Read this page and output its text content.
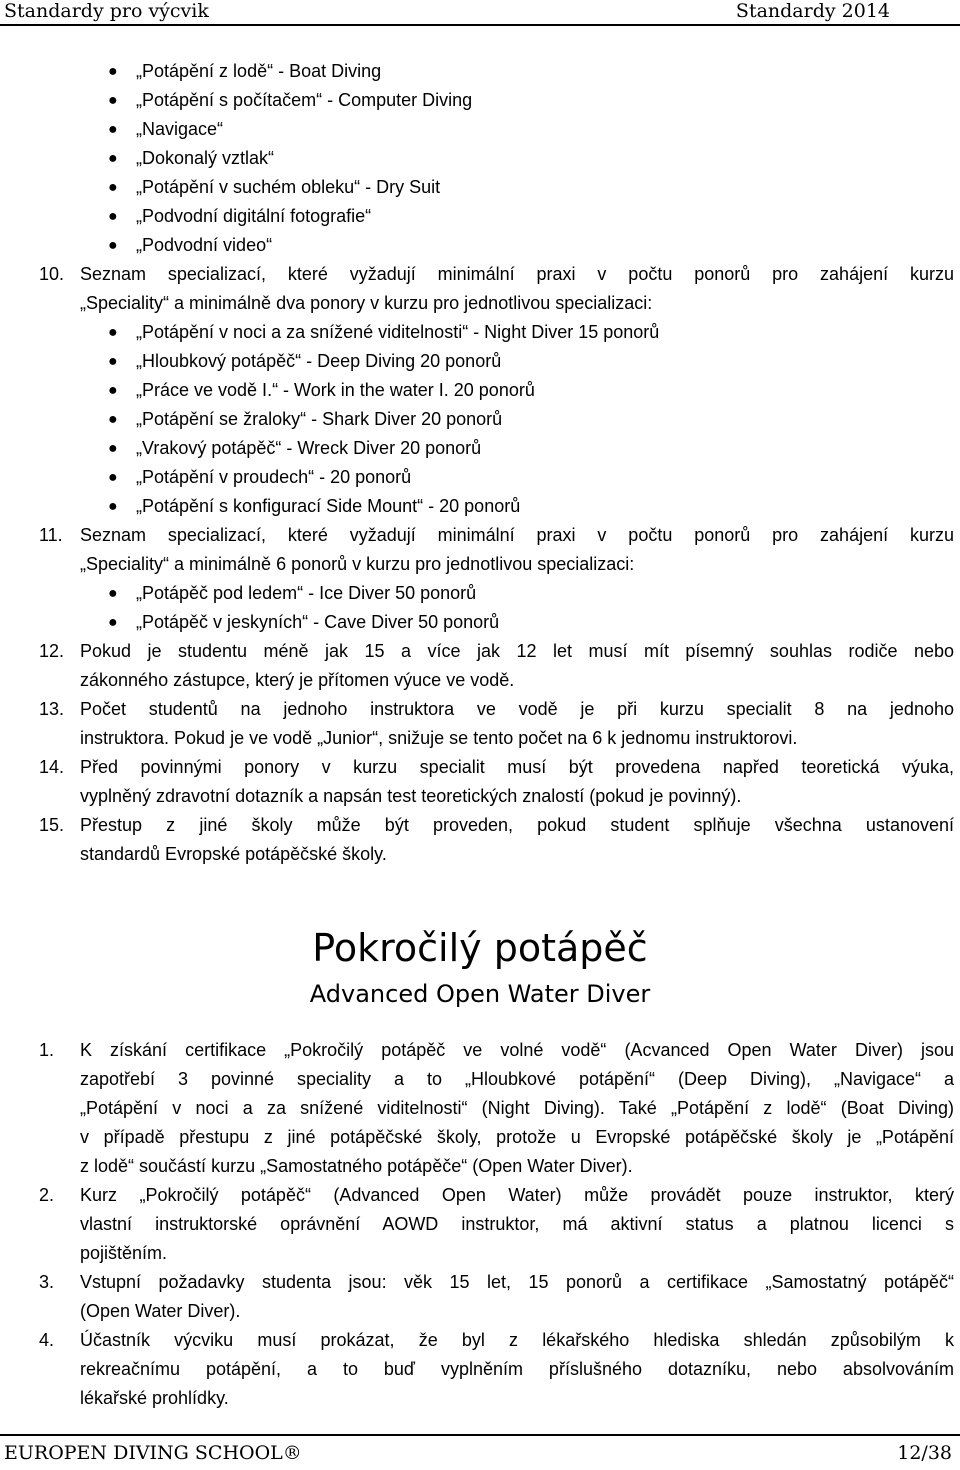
Standardy pro výcvik	Standardy 2014
● „Potápění z lodě“ - Boat Diving
● „Potápění s počítačem“ - Computer Diving
● „Navigace“
● „Dokonalý vztlak“
● „Potápění v suchém obleku“ - Dry Suit
● „Podvodní digitální fotografie“
● „Podvodní video“
10. Seznam specializací, které vyžadují minimální praxi v počtu ponorů pro zahájení kurzu
„Speciality“ a minimálně dva ponory v kurzu pro jednotlivou specializaci:
● „Potápění v noci a za snížené viditelnosti“ - Night Diver 15 ponorů
● „Hloubkový potápěč“ - Deep Diving 20 ponorů
● „Práce ve vodě I.“ - Work in the water I. 20 ponorů
● „Potápění se žraloky“ - Shark Diver 20 ponorů
● „Vrakový potápěč“ - Wreck Diver 20 ponorů
● „Potápění v proudech“ - 20 ponorů
● „Potápění s konfigurací Side Mount“ - 20 ponorů
11. Seznam specializací, které vyžadují minimální praxi v počtu ponorů pro zahájení kurzu
„Speciality“ a minimálně 6 ponorů v kurzu pro jednotlivou specializaci:
● „Potápěč pod ledem“ - Ice Diver 50 ponorů
● „Potápěč v jeskyních“ - Cave Diver 50 ponorů
12. Pokud je studentu méně jak 15 a více jak 12 let musí mít písemný souhlas rodiče nebo
zákonného zástupce, který je přítomen výuce ve vodě.
13. Počet studentů na jednoho instruktora ve vodě je při kurzu specialit 8 na jednoho
instruktora. Pokud je ve vodě „Junior“, snižuje se tento počet na 6 k jednomu instruktorovi.
14. Před povinnými ponory v kurzu specialit musí být provedena napřed teoretická výuka,
vyplněný zdravotní dotazník a napsán test teoretických znalostí (pokud je povinný).
15. Přestup z jiné školy může být proveden, pokud student splňuje všechna ustanovení
standardů Evropské potápěčské školy.
Pokročilý potápěč
Advanced Open Water Diver
1. K získání certifikace „Pokročilý potápěč ve volné vodě“ (Acvanced Open Water Diver) jsou
zapotřebí 3 povinné speciality a to „Hloubkové potápění“ (Deep Diving), „Navigace“ a
„Potápění v noci a za snížené viditelnosti“ (Night Diving). Také „Potápění z lodě“ (Boat Diving)
v případě přestupu z jiné potápěčské školy, protože u Evropské potápěčské školy je „Potápění
z lodě“ součástí kurzu „Samostatného potápěče“ (Open Water Diver).
2. Kurz „Pokročilý potápěč“ (Advanced Open Water) může provádět pouze instruktor, který
vlastní instruktorské oprávnění AOWD instruktor, má aktivní status a platnou licenci s
pojištěním.
3. Vstupní požadavky studenta jsou: věk 15 let, 15 ponorů a certifikace „Samostatný potápěč“
(Open Water Diver).
4. Účastník výcviku musí prokázat, že byl z lékařského hlediska shledán způsobilým k
rekreačnímu potápění, a to buď vyplněním příslušného dotazníku, nebo absolvováním
lékařské prohlídky.
EUROPEN DIVING SCHOOL®	12/38
